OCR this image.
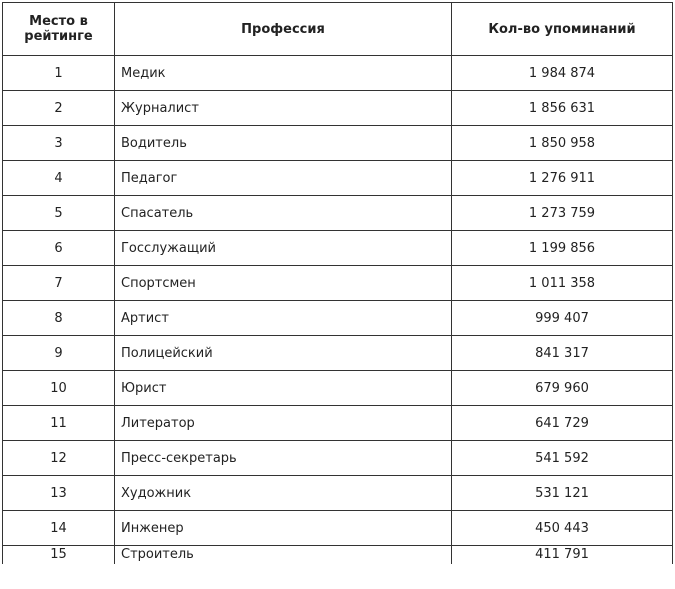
Место в рейтинге	Профессия	Кол-во упоминаний
1	Медик	1 984 874
2	Журналист	1 856 631
3	Водитель	1 850 958
4	Педагог	1 276 911
5	Спасатель	1 273 759
6	Госслужащий	1 199 856
7	Спортсмен	1 011 358
8	Артист	999 407
9	Полицейский	841 317
10	Юрист	679 960
11	Литератор	641 729
12	Пресс-секретарь	541 592
13	Художник	531 121
14	Инженер	450 443

15	Строитель	411 791
